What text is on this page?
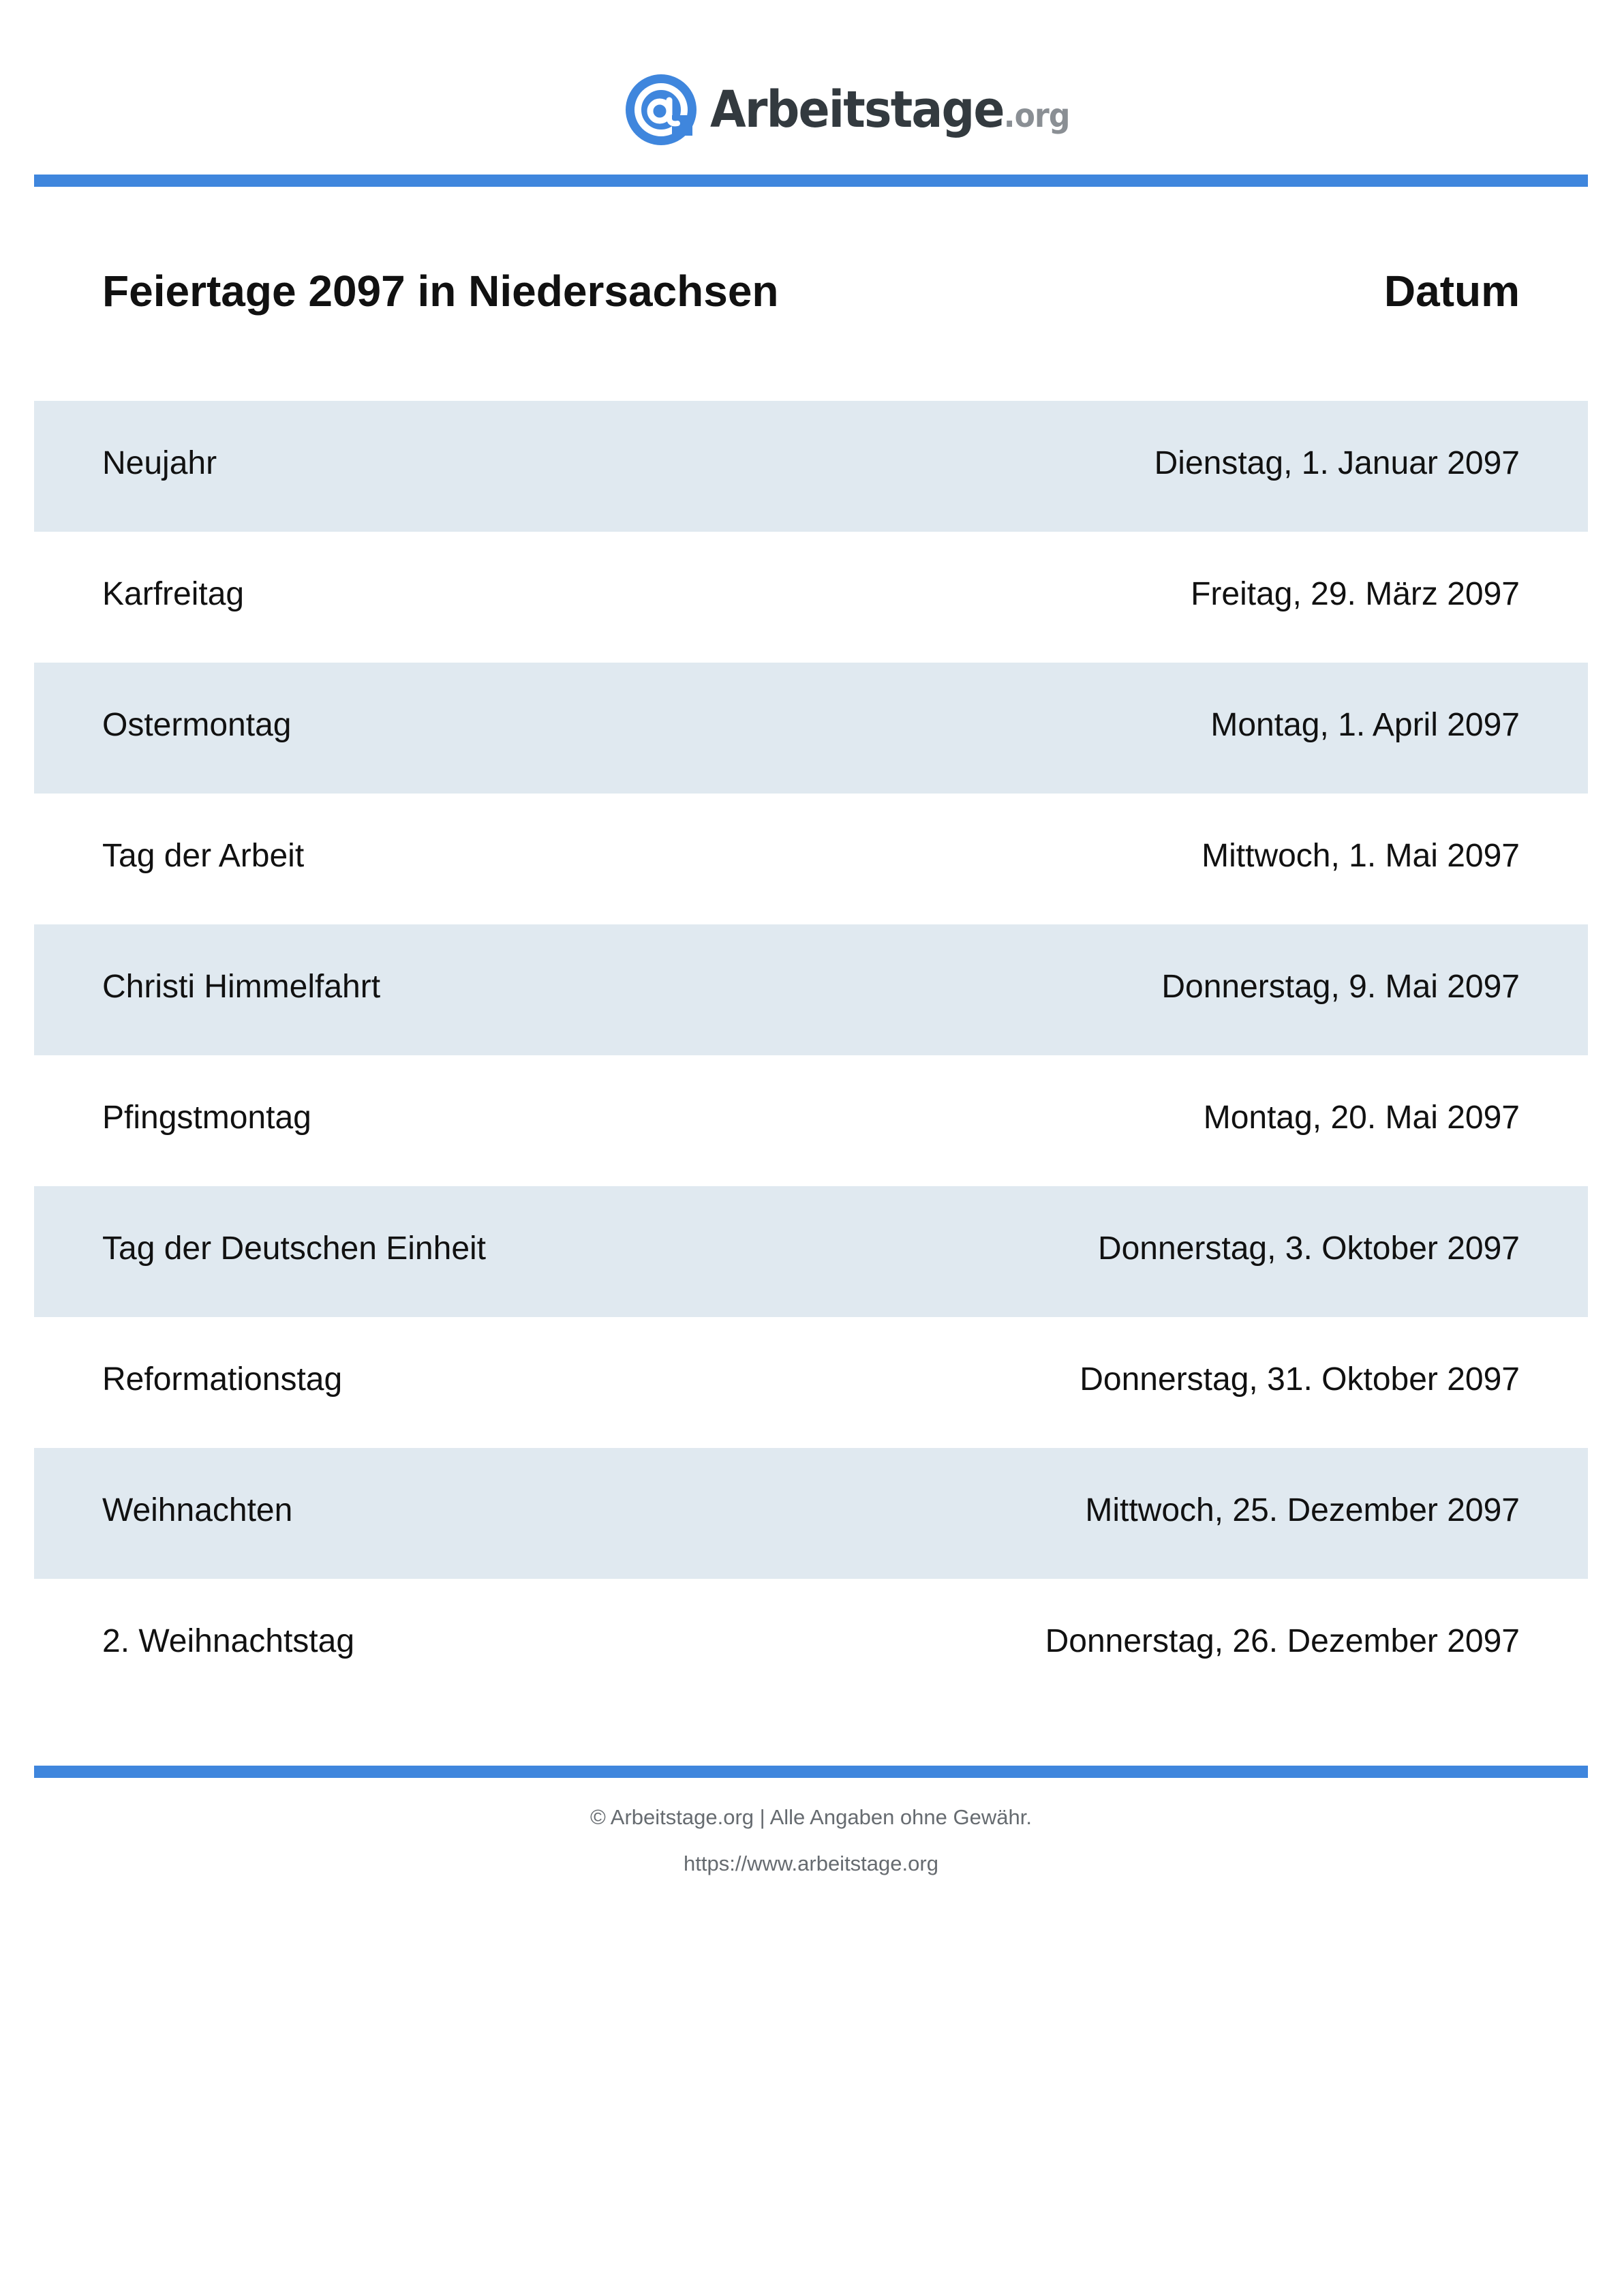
Arbeitstage.org
Feiertage 2097 in Niedersachsen	Datum
Neujahr	Dienstag, 1. Januar 2097
Karfreitag	Freitag, 29. März 2097
Ostermontag	Montag, 1. April 2097
Tag der Arbeit	Mittwoch, 1. Mai 2097
Christi Himmelfahrt	Donnerstag, 9. Mai 2097
Pfingstmontag	Montag, 20. Mai 2097
Tag der Deutschen Einheit	Donnerstag, 3. Oktober 2097
Reformationstag	Donnerstag, 31. Oktober 2097
Weihnachten	Mittwoch, 25. Dezember 2097
2. Weihnachtstag	Donnerstag, 26. Dezember 2097
© Arbeitstage.org | Alle Angaben ohne Gewähr.
https://www.arbeitstage.org
